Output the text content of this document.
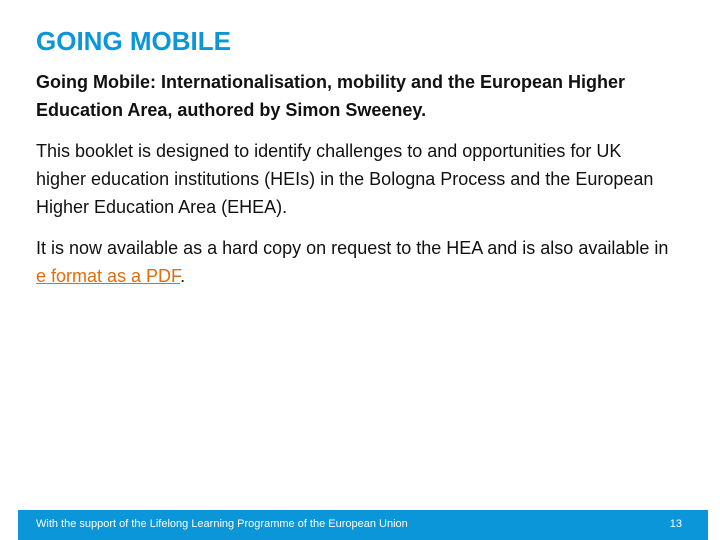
GOING MOBILE

Going Mobile: Internationalisation, mobility and the European Higher Education Area, authored by Simon Sweeney.

This booklet is designed to identify challenges to and opportunities for UK higher education institutions (HEIs) in the Bologna Process and the European Higher Education Area (EHEA).

It is now available as a hard copy on request to the HEA and is also available in e format as a PDF.

With the support of the Lifelong Learning Programme of the European Union	13
